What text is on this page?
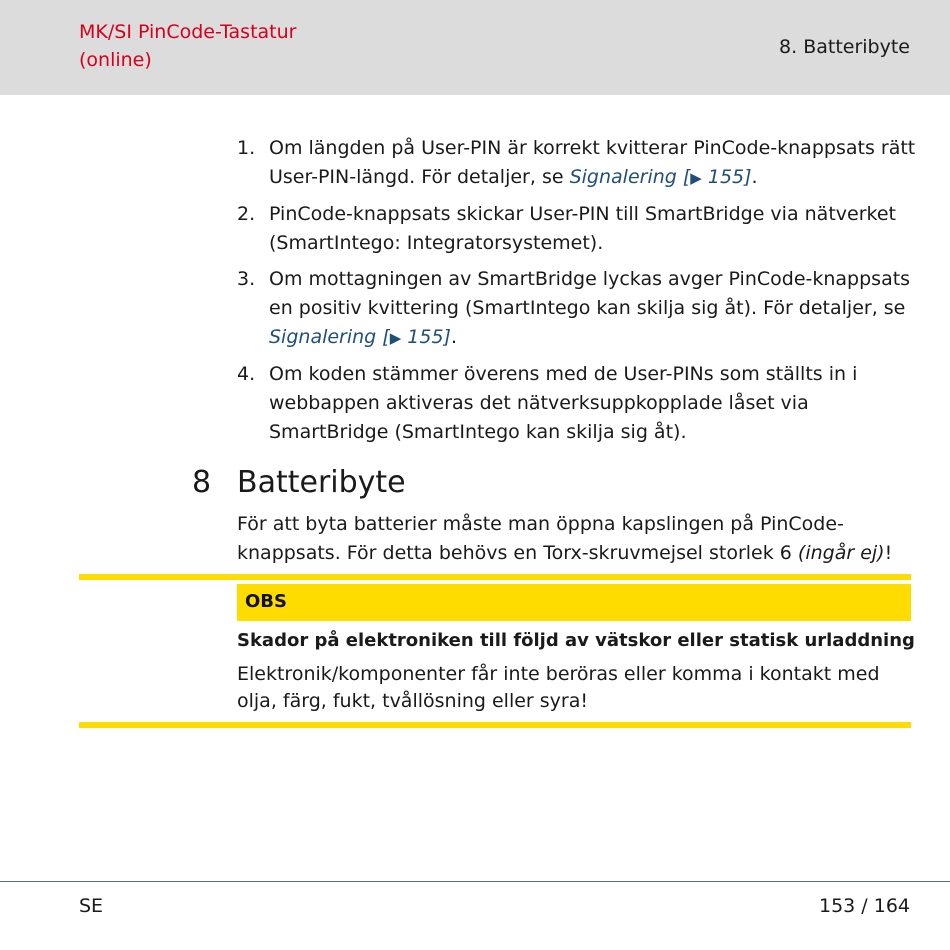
MK/SI PinCode-Tastatur
(online)
8. Batteribyte
1. Om längden på User-PIN är korrekt kvitterar PinCode-knappsats rätt User-PIN-längd. För detaljer, se Signalering [▶ 155].
2. PinCode-knappsats skickar User-PIN till SmartBridge via nätverket (SmartIntego: Integratorsystemet).
3. Om mottagningen av SmartBridge lyckas avger PinCode-knappsats en positiv kvittering (SmartIntego kan skilja sig åt). För detaljer, se Signalering [▶ 155].
4. Om koden stämmer överens med de User-PINs som ställts in i webbappen aktiveras det nätverksuppkopplade låset via SmartBridge (SmartIntego kan skilja sig åt).
8 Batteribyte

För att byta batterier måste man öppna kapslingen på PinCode-knappsats. För detta behövs en Torx-skruvmejsel storlek 6 (ingår ej)!

OBS
Skador på elektroniken till följd av vätskor eller statisk urladdning
Elektronik/komponenter får inte beröras eller komma i kontakt med olja, färg, fukt, tvållösning eller syra!
SE	153 / 164
